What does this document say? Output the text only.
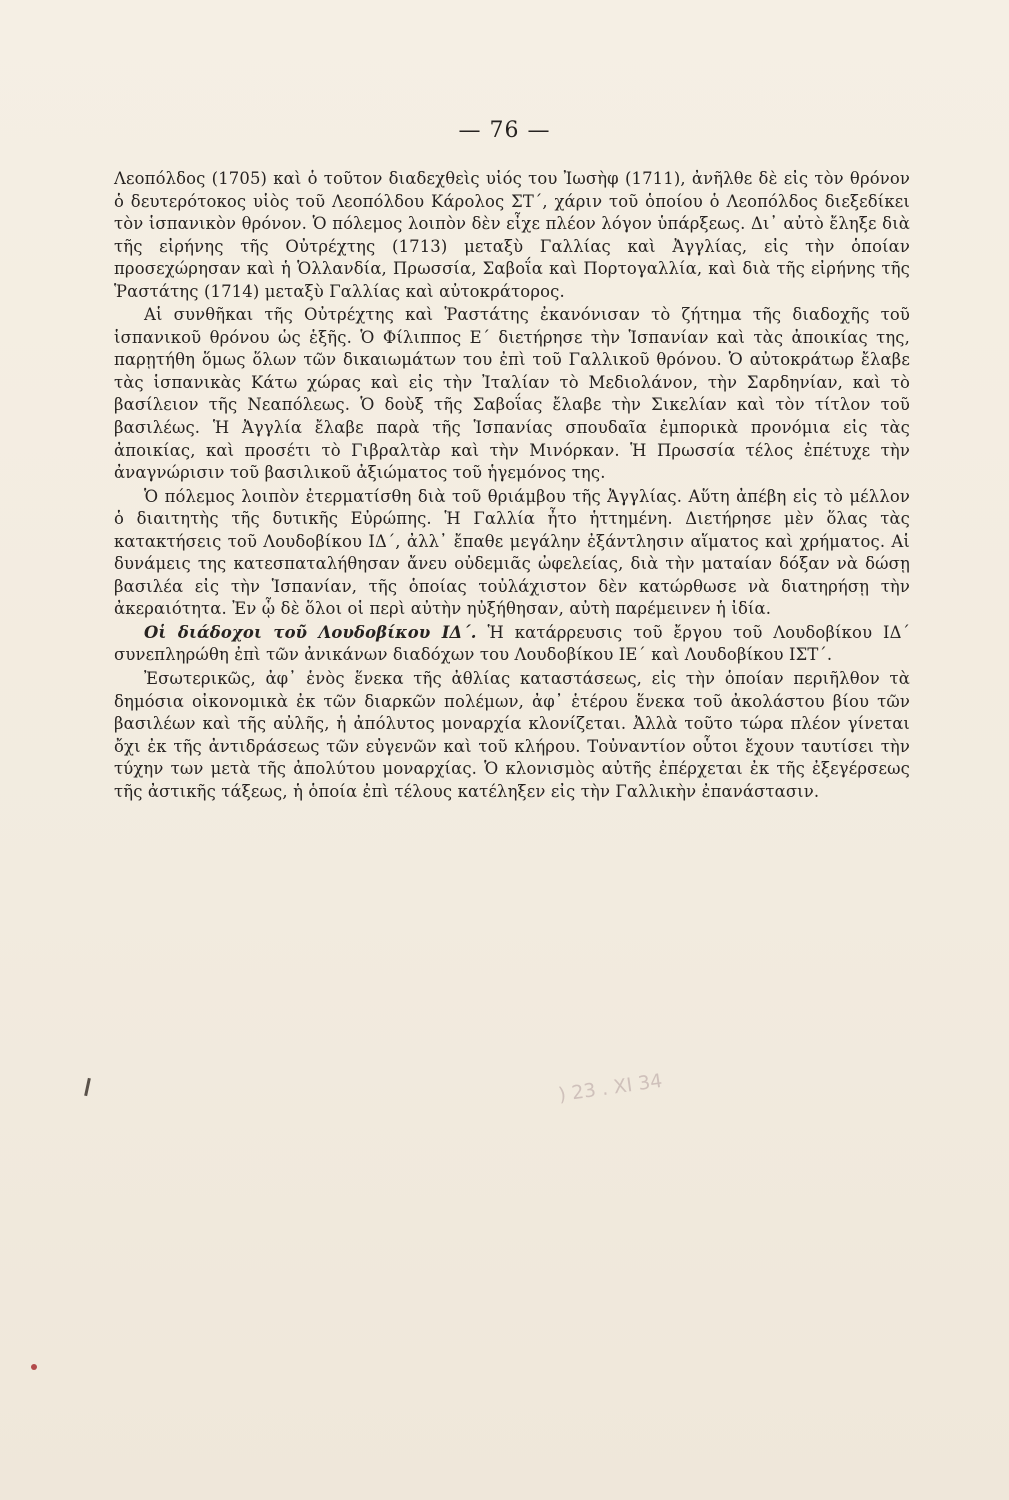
— 76 —

Λεοπόλδος (1705) καὶ ὁ τοῦτον διαδεχθεὶς υἱός του Ἰωσὴφ (1711), ἀνῆλθε δὲ εἰς τὸν θρόνον ὁ δευτερότοκος υἱὸς τοῦ Λεοπόλδου Κάρολος ΣΤ΄, χάριν τοῦ ὁποίου ὁ Λεοπόλδος διεξεδίκει τὸν ἱσπανικὸν θρόνον. Ὁ πόλεμος λοιπὸν δὲν εἶχε πλέον λόγον ὑπάρξεως. Δι᾽ αὐτὸ ἔληξε διὰ τῆς εἰρήνης τῆς Οὐτρέχτης (1713) μεταξὺ Γαλλίας καὶ Ἀγγλίας, εἰς τὴν ὁποίαν προσεχώρησαν καὶ ἡ Ὁλλανδία, Πρωσσία, Σαβοΐα καὶ Πορτογαλλία, καὶ διὰ τῆς εἰρήνης τῆς Ῥαστάτης (1714) μεταξὺ Γαλλίας καὶ αὐτοκράτορος.

Αἱ συνθῆκαι τῆς Οὐτρέχτης καὶ Ῥαστάτης ἐκανόνισαν τὸ ζήτημα τῆς διαδοχῆς τοῦ ἱσπανικοῦ θρόνου ὡς ἑξῆς. Ὁ Φίλιππος Ε΄ διετήρησε τὴν Ἱσπανίαν καὶ τὰς ἀποικίας της, παρῃτήθη ὅμως ὅλων τῶν δικαιωμάτων του ἐπὶ τοῦ Γαλλικοῦ θρόνου. Ὁ αὐτοκράτωρ ἔλαβε τὰς ἱσπανικὰς Κάτω χώρας καὶ εἰς τὴν Ἰταλίαν τὸ Μεδιολάνον, τὴν Σαρδηνίαν, καὶ τὸ βασίλειον τῆς Νεαπόλεως. Ὁ δοὺξ τῆς Σαβοΐας ἔλαβε τὴν Σικελίαν καὶ τὸν τίτλον τοῦ βασιλέως. Ἡ Ἀγγλία ἔλαβε παρὰ τῆς Ἱσπανίας σπουδαῖα ἐμπορικὰ προνόμια εἰς τὰς ἀποικίας, καὶ προσέτι τὸ Γιβραλτὰρ καὶ τὴν Μινόρκαν. Ἡ Πρωσσία τέλος ἐπέτυχε τὴν ἀναγνώρισιν τοῦ βασιλικοῦ ἀξιώματος τοῦ ἡγεμόνος της.

Ὁ πόλεμος λοιπὸν ἐτερματίσθη διὰ τοῦ θριάμβου τῆς Ἀγγλίας. Αὕτη ἀπέβη εἰς τὸ μέλλον ὁ διαιτητὴς τῆς δυτικῆς Εὐρώπης. Ἡ Γαλλία ἦτο ἡττημένη. Διετήρησε μὲν ὅλας τὰς κατακτήσεις τοῦ Λουδοβίκου ΙΔ΄, ἀλλ᾽ ἔπαθε μεγάλην ἐξάντλησιν αἵματος καὶ χρήματος. Αἱ δυνάμεις της κατεσπαταλήθησαν ἄνευ οὐδεμιᾶς ὠφελείας, διὰ τὴν ματαίαν δόξαν νὰ δώσῃ βασιλέα εἰς τὴν Ἱσπανίαν, τῆς ὁποίας τοὐλάχιστον δὲν κατώρθωσε νὰ διατηρήσῃ τὴν ἀκεραιότητα. Ἐν ᾧ δὲ ὅλοι οἱ περὶ αὐτὴν ηὐξήθησαν, αὐτὴ παρέμεινεν ἡ ἰδία.

Οἱ διάδοχοι τοῦ Λουδοβίκου ΙΔ΄. Ἡ κατάρρευσις τοῦ ἔργου τοῦ Λουδοβίκου ΙΔ΄ συνεπληρώθη ἐπὶ τῶν ἀνικάνων διαδόχων του Λουδοβίκου ΙΕ΄ καὶ Λουδοβίκου ΙΣΤ΄.

Ἐσωτερικῶς, ἀφ᾽ ἑνὸς ἕνεκα τῆς ἀθλίας καταστάσεως, εἰς τὴν ὁποίαν περιῆλθον τὰ δημόσια οἰκονομικὰ ἐκ τῶν διαρκῶν πολέμων, ἀφ᾽ ἑτέρου ἕνεκα τοῦ ἀκολάστου βίου τῶν βασιλέων καὶ τῆς αὐλῆς, ἡ ἀπόλυτος μοναρχία κλονίζεται. Ἀλλὰ τοῦτο τώρα πλέον γίνεται ὄχι ἐκ τῆς ἀντιδράσεως τῶν εὐγενῶν καὶ τοῦ κλήρου. Τοὐναντίον οὗτοι ἔχουν ταυτίσει τὴν τύχην των μετὰ τῆς ἀπολύτου μοναρχίας. Ὁ κλονισμὸς αὐτῆς ἐπέρχεται ἐκ τῆς ἐξεγέρσεως τῆς ἀστικῆς τάξεως, ἡ ὁποία ἐπὶ τέλους κατέληξεν εἰς τὴν Γαλλικὴν ἐπανάστασιν.

) 23 . XI 34
